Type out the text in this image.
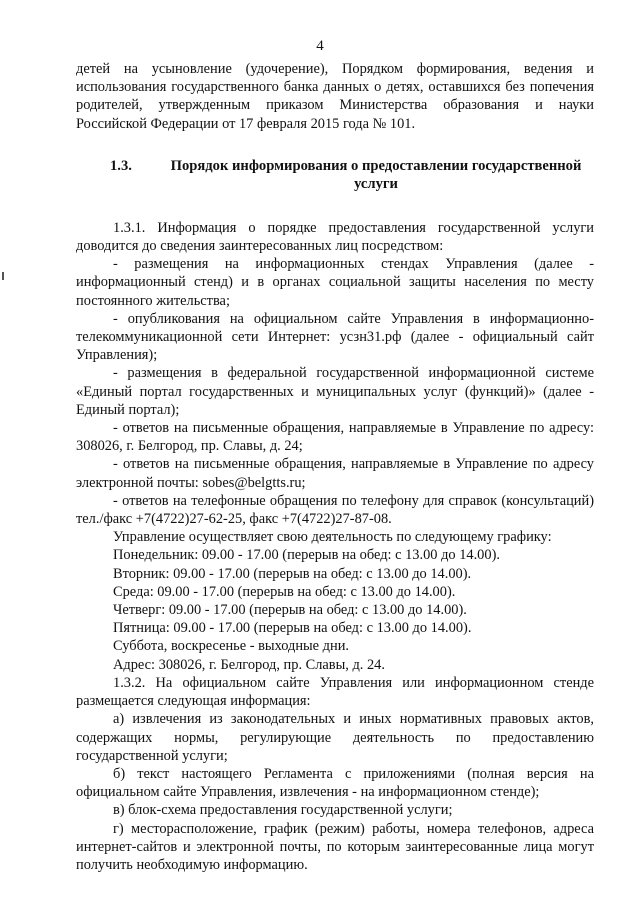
4

детей на усыновление (удочерение), Порядком формирования, ведения и использования государственного банка данных о детях, оставшихся без попечения родителей, утвержденным приказом Министерства образования и науки Российской Федерации от 17 февраля 2015 года № 101.

1.3.	Порядок информирования о предоставлении государственной услуги

1.3.1. Информация о порядке предоставления государственной услуги доводится до сведения заинтересованных лиц посредством:

- размещения на информационных стендах Управления (далее - информационный стенд) и в органах социальной защиты населения по месту постоянного жительства;

- опубликования на официальном сайте Управления в информационно-телекоммуникационной сети Интернет: усзн31.рф (далее - официальный сайт Управления);

- размещения в федеральной государственной информационной системе «Единый портал государственных и муниципальных услуг (функций)» (далее - Единый портал);

- ответов на письменные обращения, направляемые в Управление по адресу: 308026, г. Белгород, пр. Славы, д. 24;

- ответов на письменные обращения, направляемые в Управление по адресу электронной почты: sobes@belgtts.ru;

- ответов на телефонные обращения по телефону для справок (консультаций) тел./факс +7(4722)27-62-25, факс +7(4722)27-87-08.

Управление осуществляет свою деятельность по следующему графику:

Понедельник: 09.00 - 17.00 (перерыв на обед: с 13.00 до 14.00).

Вторник: 09.00 - 17.00 (перерыв на обед: с 13.00 до 14.00).

Среда: 09.00 - 17.00 (перерыв на обед: с 13.00 до 14.00).

Четверг: 09.00 - 17.00 (перерыв на обед: с 13.00 до 14.00).

Пятница: 09.00 - 17.00 (перерыв на обед: с 13.00 до 14.00).

Суббота, воскресенье - выходные дни.

Адрес: 308026, г. Белгород, пр. Славы, д. 24.

1.3.2. На официальном сайте Управления или информационном стенде размещается следующая информация:

а) извлечения из законодательных и иных нормативных правовых актов, содержащих нормы, регулирующие деятельность по предоставлению государственной услуги;

б) текст настоящего Регламента с приложениями (полная версия на официальном сайте Управления, извлечения - на информационном стенде);

в) блок-схема предоставления государственной услуги;

г) месторасположение, график (режим) работы, номера телефонов, адреса интернет-сайтов и электронной почты, по которым заинтересованные лица могут получить необходимую информацию.
